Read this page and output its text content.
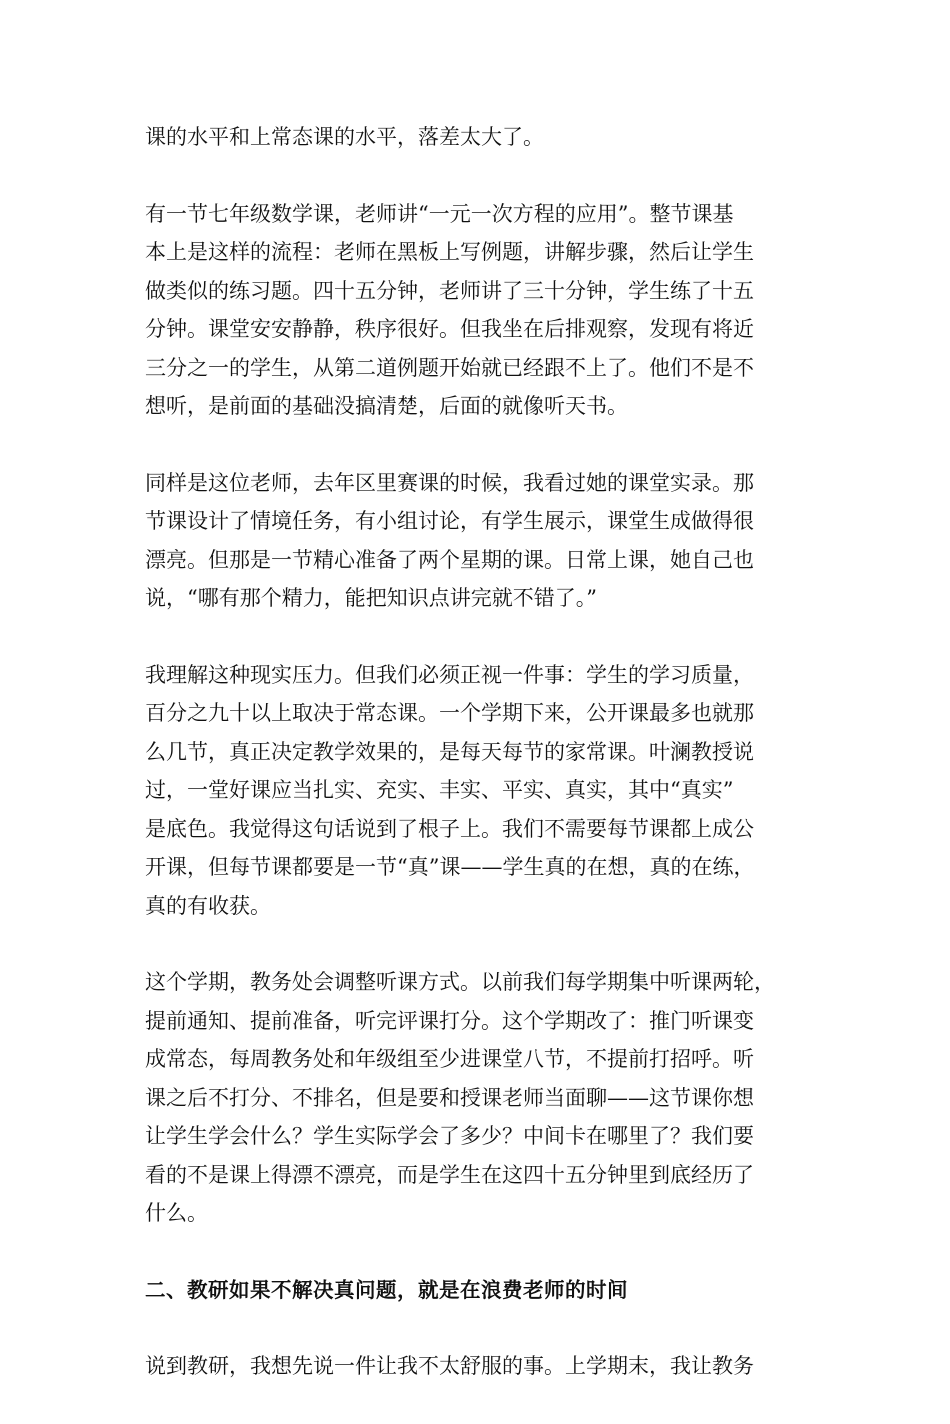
课的水平和上常态课的水平，落差太大了。

有一节七年级数学课，老师讲“一元一次方程的应用”。整节课基
本上是这样的流程：老师在黑板上写例题，讲解步骤，然后让学生
做类似的练习题。四十五分钟，老师讲了三十分钟，学生练了十五
分钟。课堂安安静静，秩序很好。但我坐在后排观察，发现有将近
三分之一的学生，从第二道例题开始就已经跟不上了。他们不是不
想听，是前面的基础没搞清楚，后面的就像听天书。

同样是这位老师，去年区里赛课的时候，我看过她的课堂实录。那
节课设计了情境任务，有小组讨论，有学生展示，课堂生成做得很
漂亮。但那是一节精心准备了两个星期的课。日常上课，她自己也
说，“哪有那个精力，能把知识点讲完就不错了。”

我理解这种现实压力。但我们必须正视一件事：学生的学习质量，
百分之九十以上取决于常态课。一个学期下来，公开课最多也就那
么几节，真正决定教学效果的，是每天每节的家常课。叶澜教授说
过，一堂好课应当扎实、充实、丰实、平实、真实，其中“真实”
是底色。我觉得这句话说到了根子上。我们不需要每节课都上成公
开课，但每节课都要是一节“真”课——学生真的在想，真的在练，
真的有收获。

这个学期，教务处会调整听课方式。以前我们每学期集中听课两轮，
提前通知、提前准备，听完评课打分。这个学期改了：推门听课变
成常态，每周教务处和年级组至少进课堂八节，不提前打招呼。听
课之后不打分、不排名，但是要和授课老师当面聊——这节课你想
让学生学会什么？学生实际学会了多少？中间卡在哪里了？我们要
看的不是课上得漂不漂亮，而是学生在这四十五分钟里到底经历了
什么。

二、教研如果不解决真问题，就是在浪费老师的时间

说到教研，我想先说一件让我不太舒服的事。上学期末，我让教务
